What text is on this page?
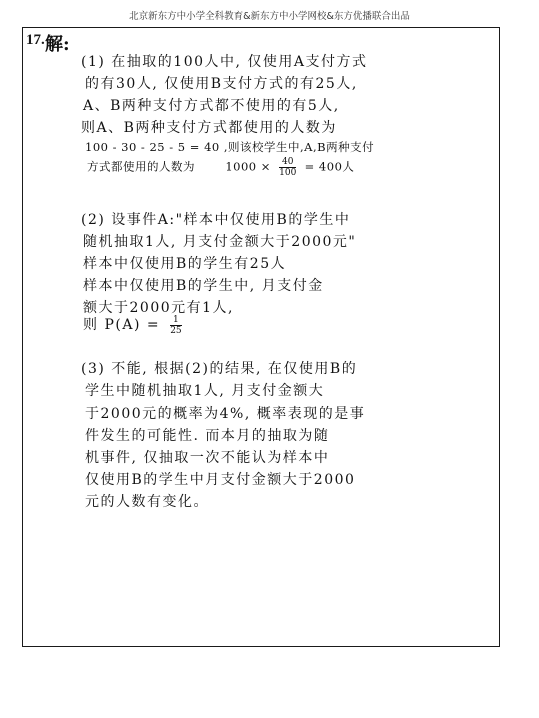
北京新东方中小学全科教育&新东方中小学网校&东方优播联合出品
17. 解:
(1) 在抽取的100人中, 仅使用A支付方式
的有30人, 仅使用B支付方式的有25人,
A、B两种支付方式都不使用的有5人,
则A、B两种支付方式都使用的人数为
100 - 30 - 25 - 5 = 40 ,则该校学生中,A,B两种支付
方式都使用的人数为	$1000 \times \frac{40}{100} = 400$人
(2) 设事件A:"样本中仅使用B的学生中
随机抽取1人, 月支付金额大于2000元"
样本中仅使用B的学生有25人
样本中仅使用B的学生中, 月支付金
额大于2000元有1人,
则 $P(A) = \frac{1}{25}$
(3) 不能, 根据(2)的结果, 在仅使用B的
学生中随机抽取1人, 月支付金额大
于2000元的概率为4%, 概率表现的是事
件发生的可能性. 而本月的抽取为随
机事件, 仅抽取一次不能认为样本中
仅使用B的学生中月支付金额大于2000
元的人数有变化。
